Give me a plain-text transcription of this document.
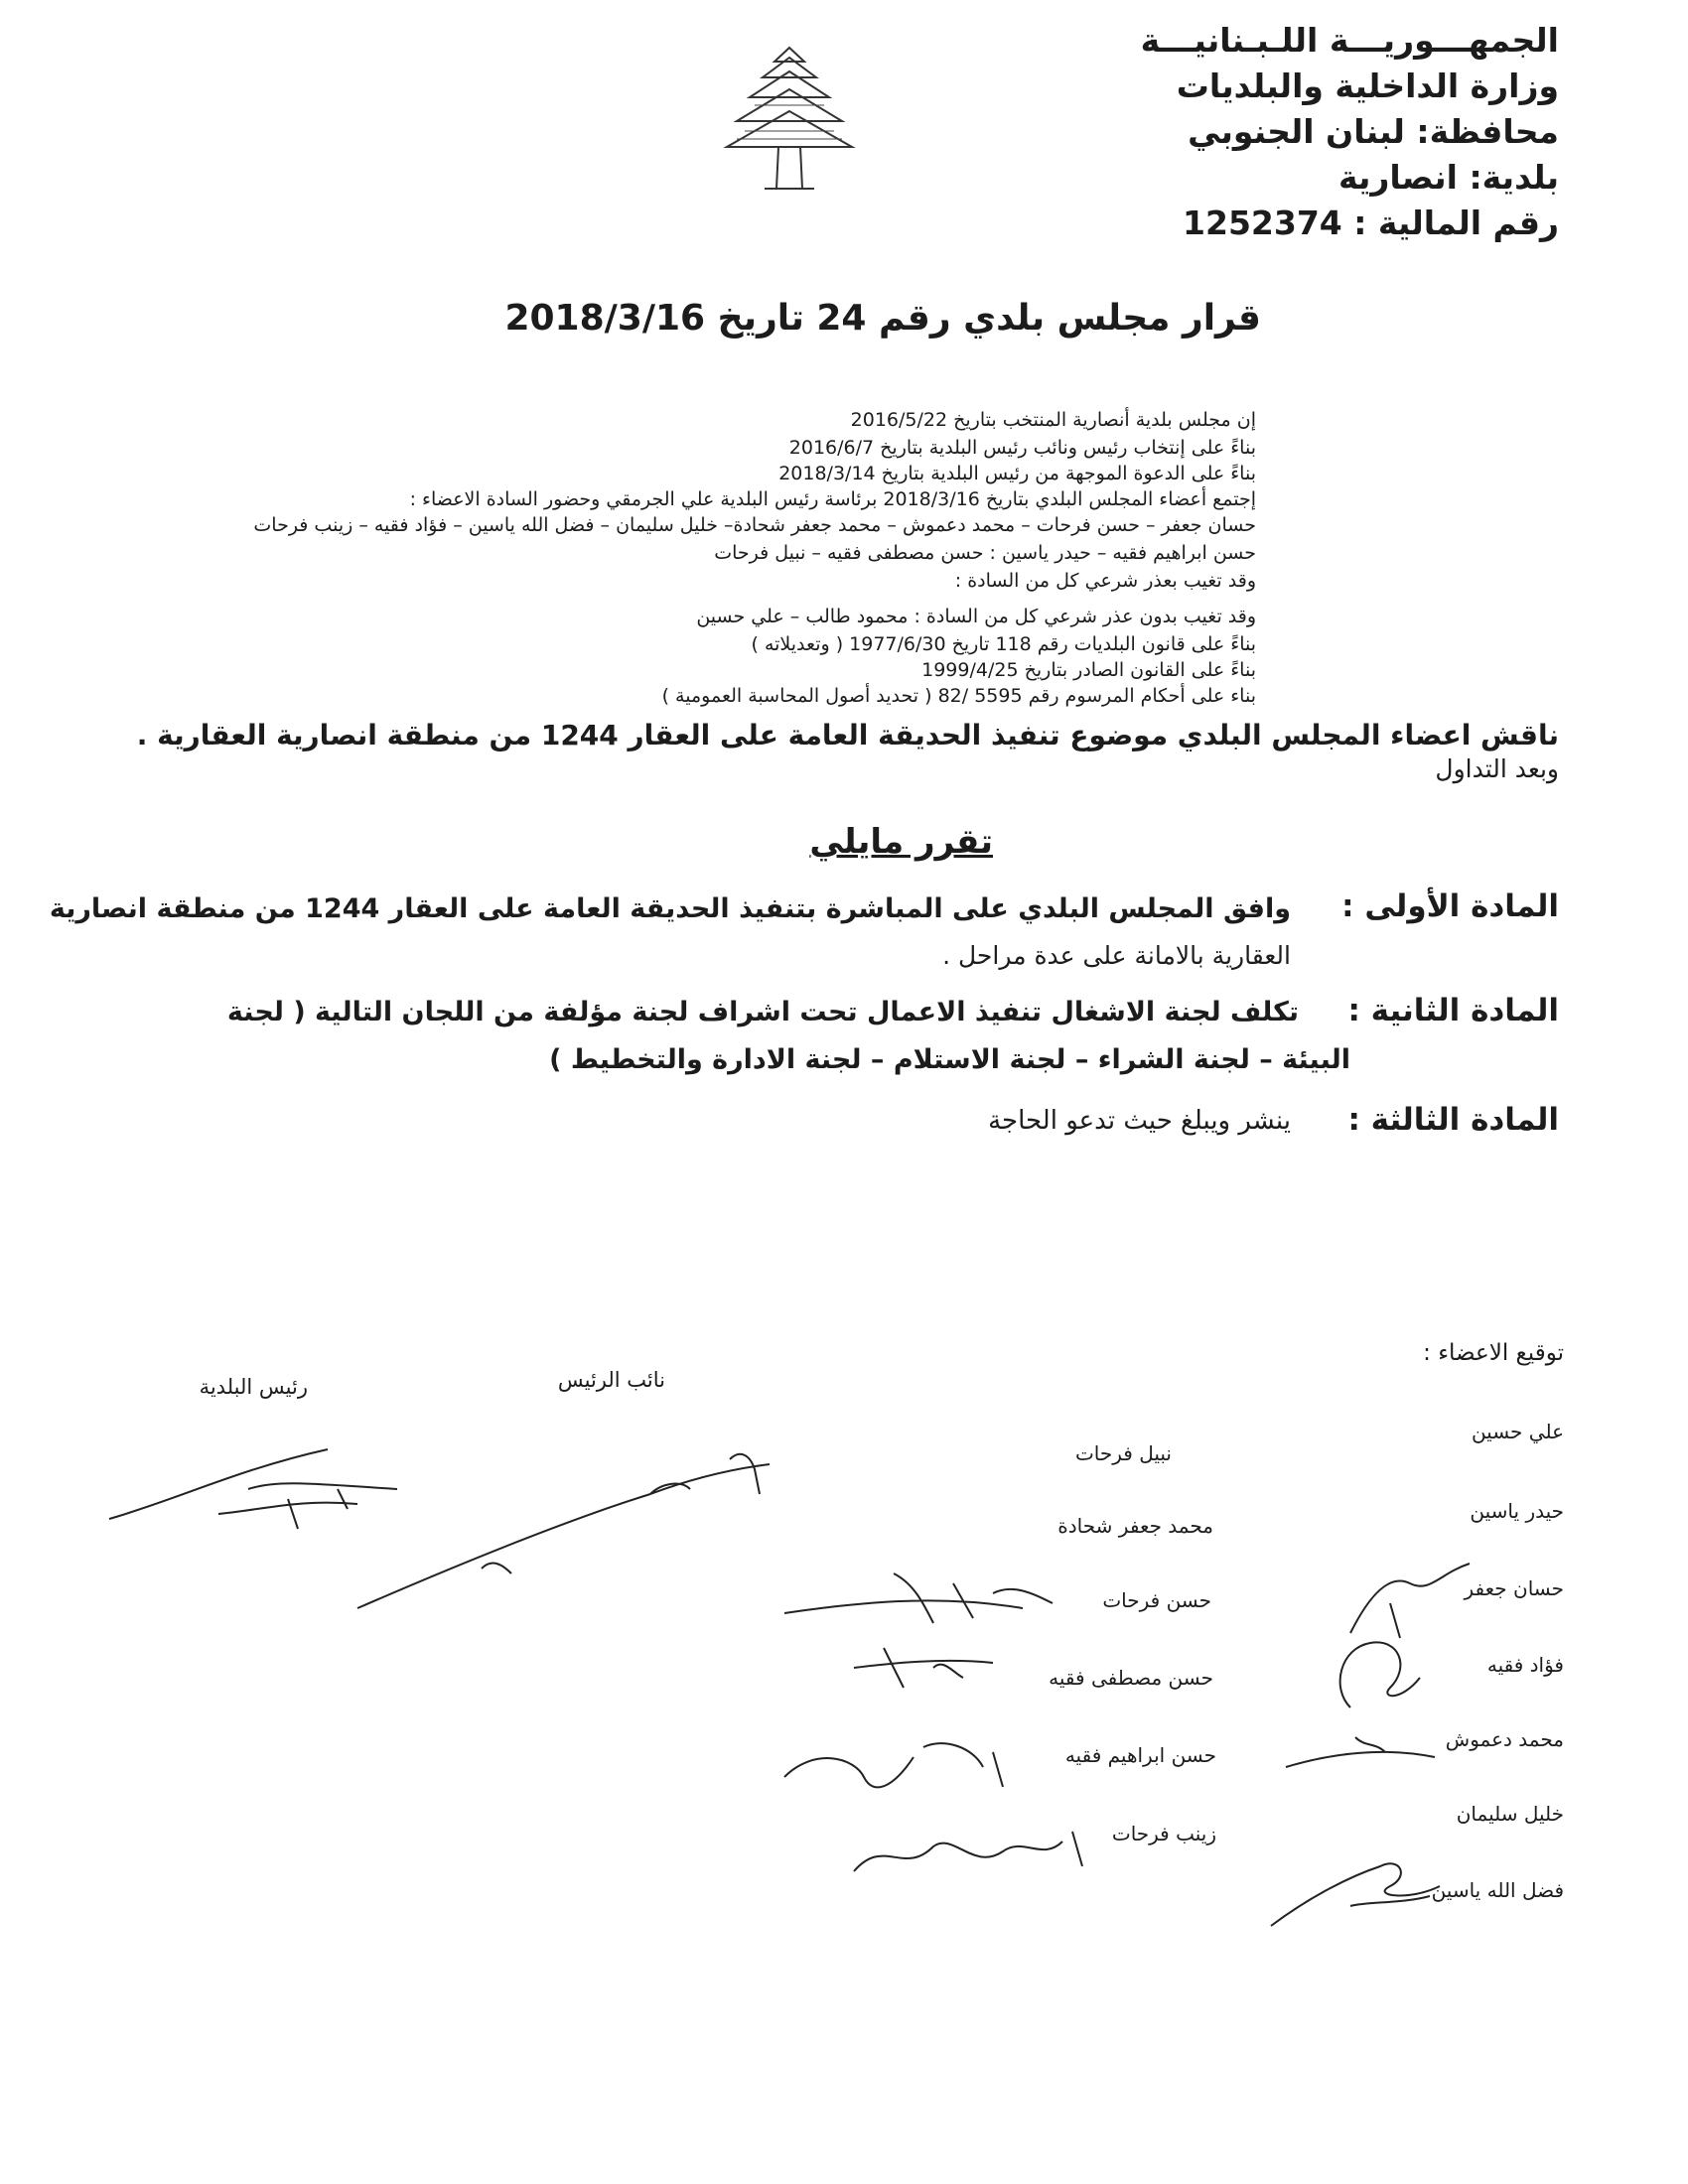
الجمهـــوريـــة اللـبـنانيـــة
وزارة الداخلية والبلديات
محافظة: لبنان الجنوبي
بلدية: انصارية
رقم المالية : 1252374
قرار مجلس بلدي رقم 24 تاريخ 2018/3/16
إن مجلس بلدية أنصارية المنتخب بتاريخ 2016/5/22
بناءً على إنتخاب رئيس ونائب رئيس البلدية بتاريخ 2016/6/7
بناءً على الدعوة الموجهة من رئيس البلدية بتاريخ 2018/3/14
إجتمع أعضاء المجلس البلدي بتاريخ 2018/3/16 برئاسة رئيس البلدية علي الجرمقي وحضور السادة الاعضاء :
حسان جعفر – حسن فرحات – محمد دعموش – محمد جعفر شحادة– خليل سليمان – فضل الله ياسين – فؤاد فقيه – زينب فرحات
حسن ابراهيم فقيه – حيدر ياسين : حسن مصطفى فقيه – نبيل فرحات
وقد تغيب بعذر شرعي كل من السادة :
وقد تغيب بدون عذر شرعي كل من السادة : محمود طالب – علي حسين
بناءً على قانون البلديات رقم 118 تاريخ 1977/6/30 ( وتعديلاته )
بناءً على القانون الصادر بتاريخ 1999/4/25
بناء على أحكام المرسوم رقم 5595 /82 ( تحديد أصول المحاسبة العمومية )
ناقش اعضاء المجلس البلدي موضوع تنفيذ الحديقة العامة على العقار 1244 من منطقة انصارية العقارية .
وبعد التداول
تقرر مايلي
المادة الأولى :
وافق المجلس البلدي على المباشرة بتنفيذ الحديقة العامة على العقار 1244 من منطقة انصارية
العقارية بالامانة على عدة مراحل .
المادة الثانية :
تكلف لجنة الاشغال تنفيذ الاعمال تحت اشراف لجنة مؤلفة من اللجان التالية ( لجنة
البيئة – لجنة الشراء – لجنة الاستلام – لجنة الادارة والتخطيط )
المادة الثالثة :
ينشر ويبلغ حيث تدعو الحاجة
توقيع الاعضاء :
رئيس البلدية	نائب الرئيس
علي حسين
حيدر ياسين
حسان جعفر
فؤاد فقيه
محمد دعموش
خليل سليمان
فضل الله ياسين
نبيل فرحات
محمد جعفر شحادة
حسن فرحات
حسن مصطفى فقيه
حسن ابراهيم فقيه
زينب فرحات
